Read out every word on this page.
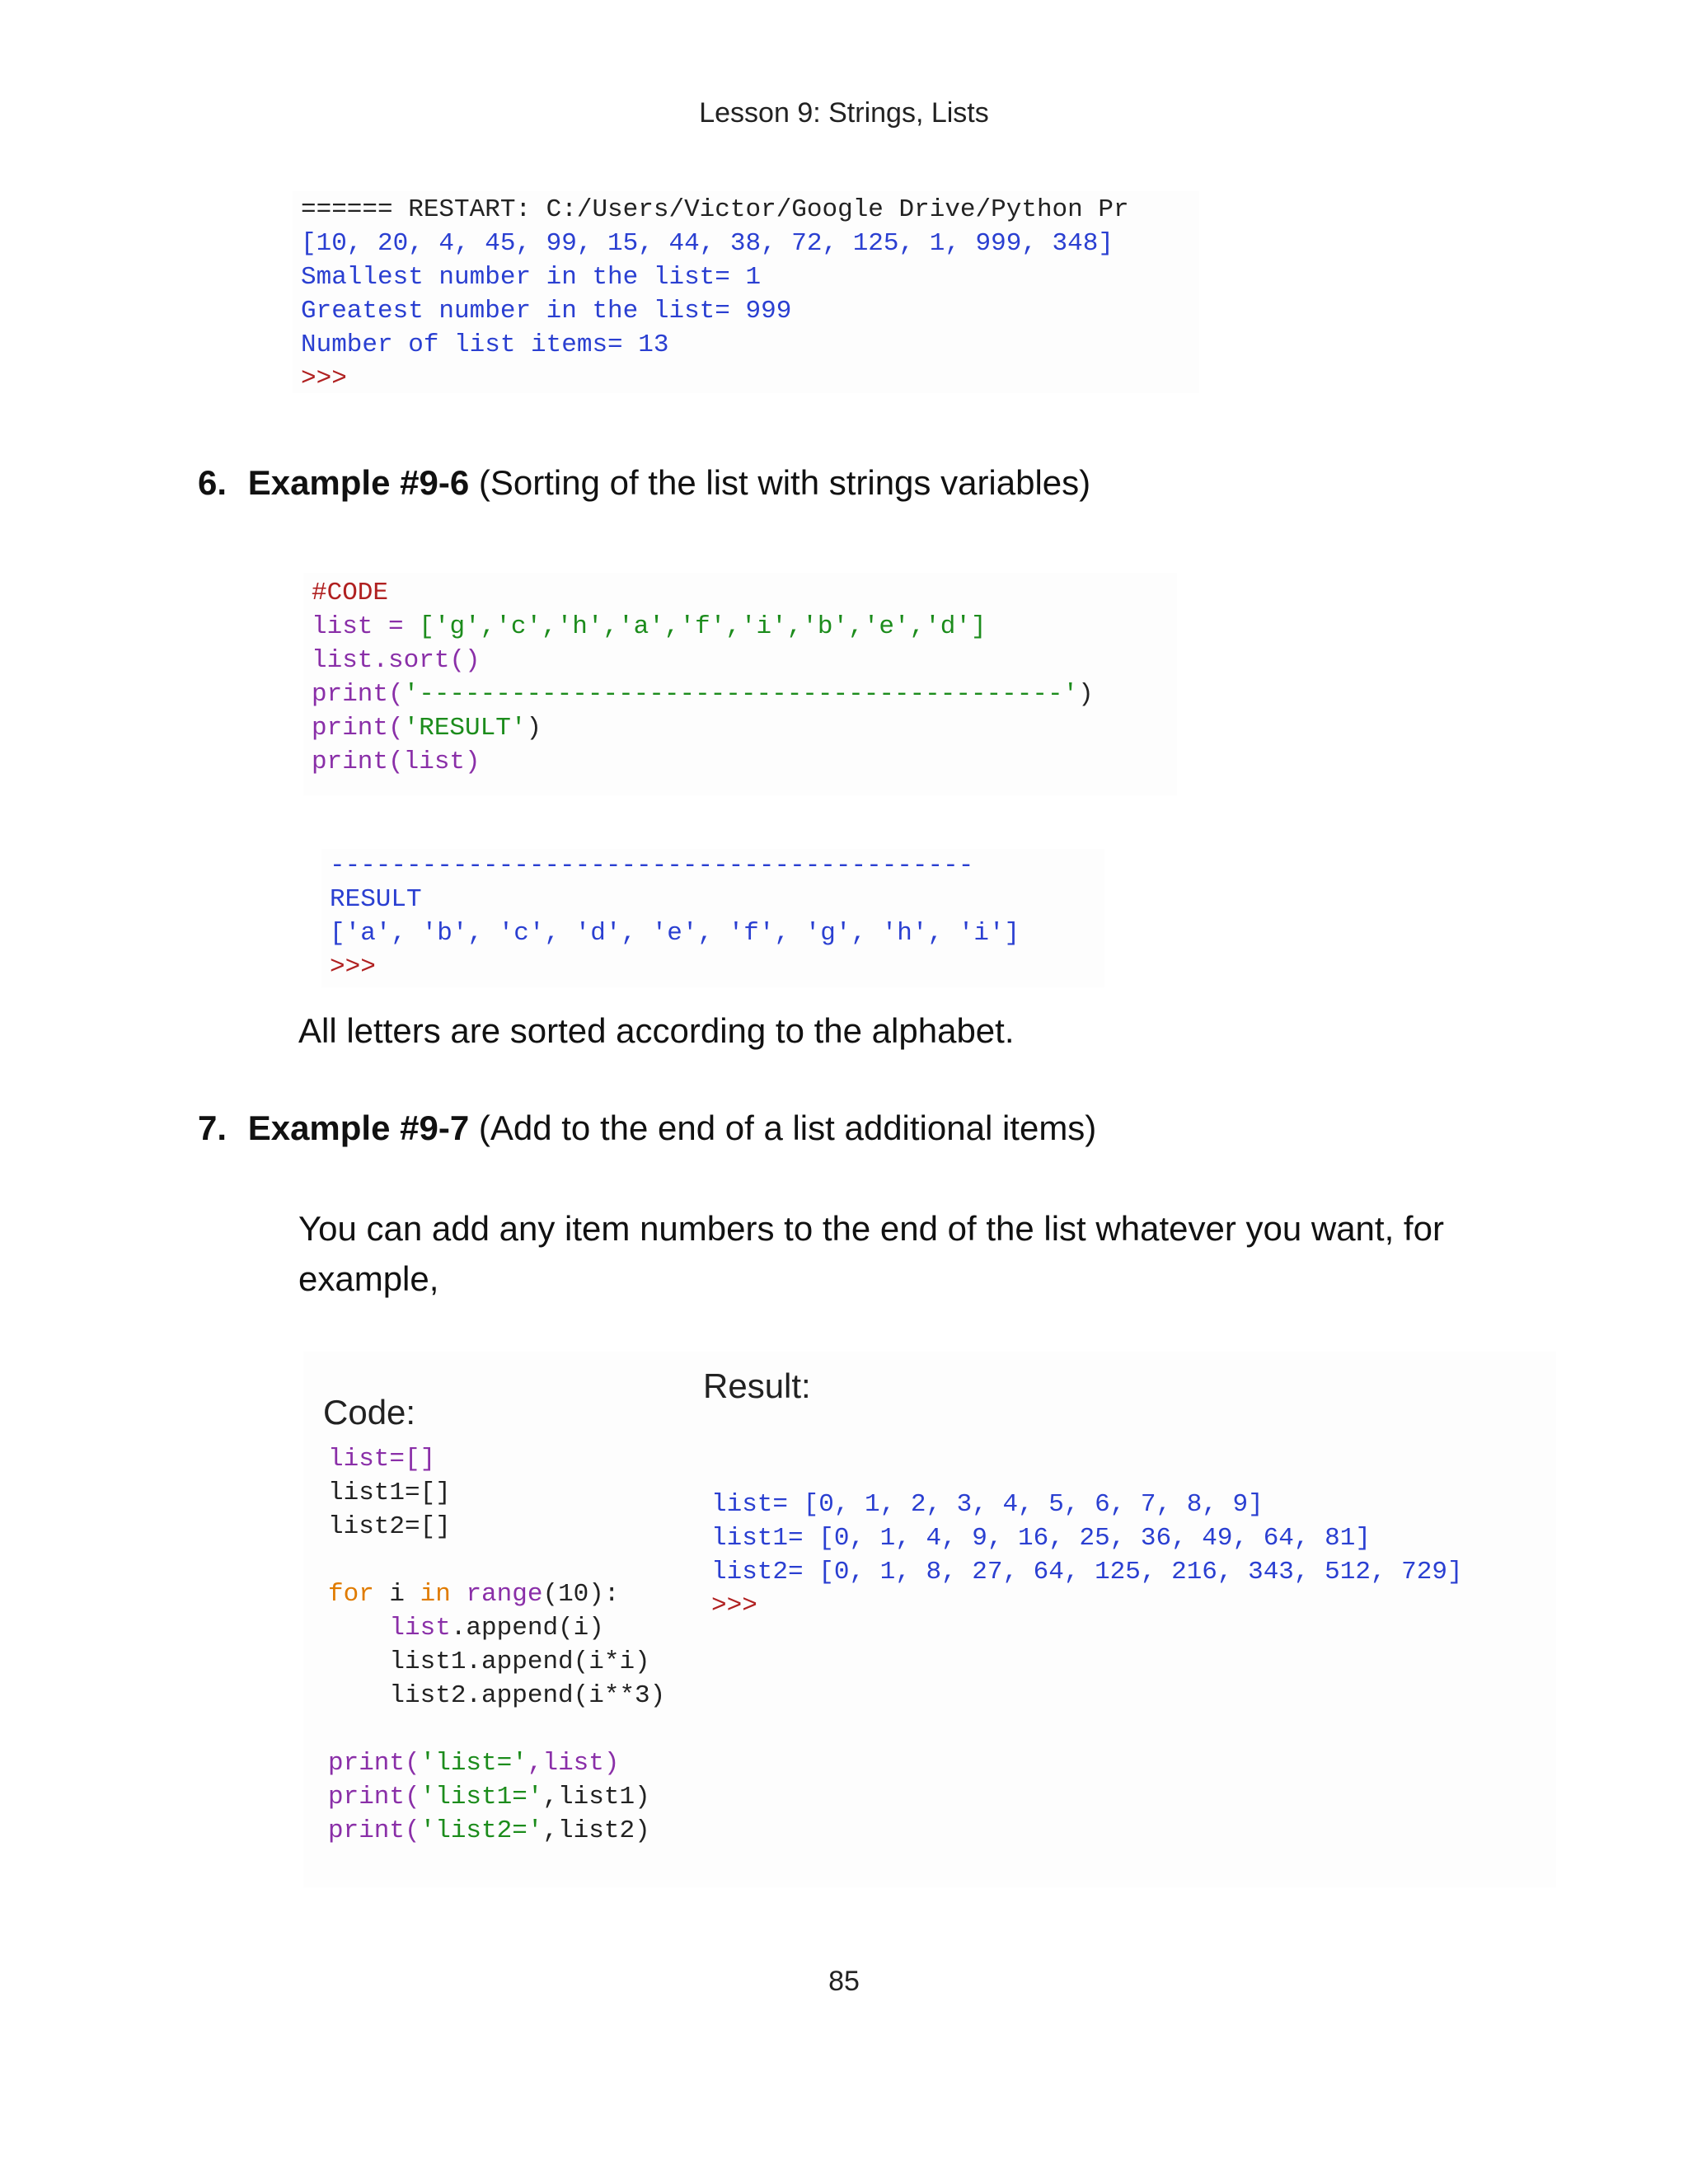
Lesson 9: Strings, Lists
====== RESTART: C:/Users/Victor/Google Drive/Python Pr
[10, 20, 4, 45, 99, 15, 44, 38, 72, 125, 1, 999, 348]
Smallest number in the list= 1
Greatest number in the list= 999
Number of list items= 13
>>>
6. Example #9-6 (Sorting of the list with strings variables)
#CODE
list = ['g','c','h','a','f','i','b','e','d']
list.sort()
print('------------------------------------------')
print('RESULT')
print(list)
------------------------------------------
RESULT
['a', 'b', 'c', 'd', 'e', 'f', 'g', 'h', 'i']
>>>
All letters are sorted according to the alphabet.
7. Example #9-7 (Add to the end of a list additional items)
You can add any item numbers to the end of the list whatever you want, for example,
Code:
Result:
list=[]
list1=[]
list2=[]
for i in range(10):
list.append(i)
list1.append(i*i)
list2.append(i**3)
print('list=',list)
print('list1=',list1)
print('list2=',list2)
list= [0, 1, 2, 3, 4, 5, 6, 7, 8, 9]
list1= [0, 1, 4, 9, 16, 25, 36, 49, 64, 81]
list2= [0, 1, 8, 27, 64, 125, 216, 343, 512, 729]
>>>
85
